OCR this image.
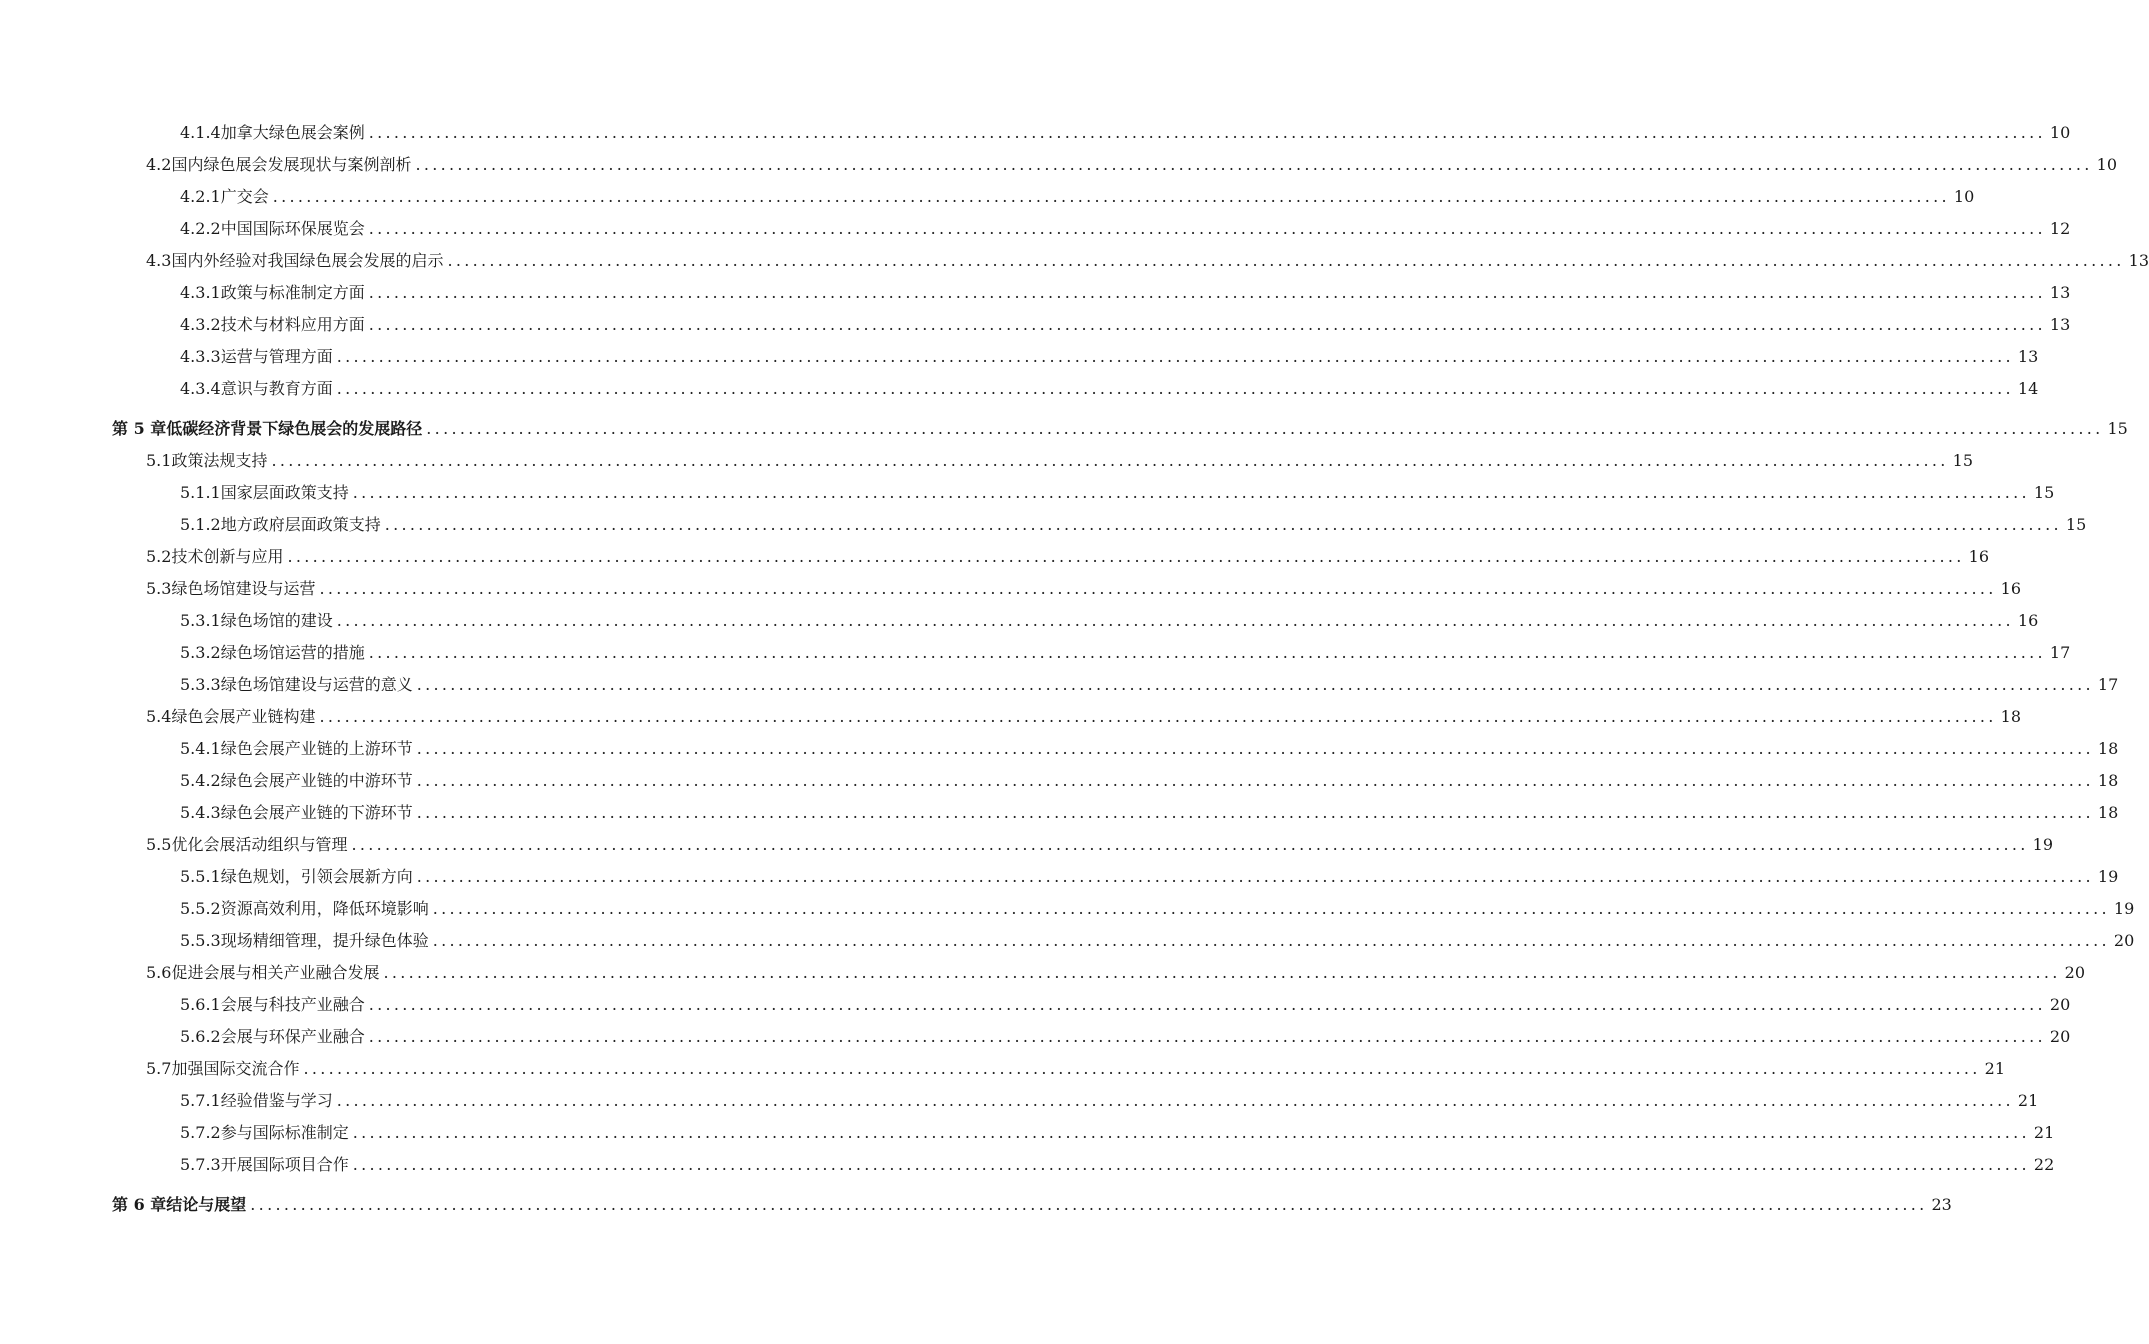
4.1.4 加拿大绿色展会案例 ........................................................................................................................................................................................................ 10
4.2 国内绿色展会发展现状与案例剖析 ........................................................................................................................................................................................................ 10
4.2.1 广交会 ........................................................................................................................................................................................................ 10
4.2.2 中国国际环保展览会 ........................................................................................................................................................................................................ 12
4.3 国内外经验对我国绿色展会发展的启示 ........................................................................................................................................................................................................ 13
4.3.1 政策与标准制定方面 ........................................................................................................................................................................................................ 13
4.3.2 技术与材料应用方面 ........................................................................................................................................................................................................ 13
4.3.3 运营与管理方面 ........................................................................................................................................................................................................ 13
4.3.4 意识与教育方面 ........................................................................................................................................................................................................ 14
第 5 章 低碳经济背景下绿色展会的发展路径 ........................................................................................................................................................................................................ 15
5.1 政策法规支持 ........................................................................................................................................................................................................ 15
5.1.1 国家层面政策支持 ........................................................................................................................................................................................................ 15
5.1.2 地方政府层面政策支持 ........................................................................................................................................................................................................ 15
5.2 技术创新与应用 ........................................................................................................................................................................................................ 16
5.3 绿色场馆建设与运营 ........................................................................................................................................................................................................ 16
5.3.1 绿色场馆的建设 ........................................................................................................................................................................................................ 16
5.3.2 绿色场馆运营的措施 ........................................................................................................................................................................................................ 17
5.3.3 绿色场馆建设与运营的意义 ........................................................................................................................................................................................................ 17
5.4 绿色会展产业链构建 ........................................................................................................................................................................................................ 18
5.4.1 绿色会展产业链的上游环节 ........................................................................................................................................................................................................ 18
5.4.2 绿色会展产业链的中游环节 ........................................................................................................................................................................................................ 18
5.4.3 绿色会展产业链的下游环节 ........................................................................................................................................................................................................ 18
5.5 优化会展活动组织与管理 ........................................................................................................................................................................................................ 19
5.5.1 绿色规划，引领会展新方向 ........................................................................................................................................................................................................ 19
5.5.2 资源高效利用，降低环境影响 ........................................................................................................................................................................................................ 19
5.5.3 现场精细管理，提升绿色体验 ........................................................................................................................................................................................................ 20
5.6 促进会展与相关产业融合发展 ........................................................................................................................................................................................................ 20
5.6.1 会展与科技产业融合 ........................................................................................................................................................................................................ 20
5.6.2 会展与环保产业融合 ........................................................................................................................................................................................................ 20
5.7 加强国际交流合作 ........................................................................................................................................................................................................ 21
5.7.1 经验借鉴与学习 ........................................................................................................................................................................................................ 21
5.7.2 参与国际标准制定 ........................................................................................................................................................................................................ 21
5.7.3 开展国际项目合作 ........................................................................................................................................................................................................ 22
第 6 章 结论与展望 ........................................................................................................................................................................................................ 23
